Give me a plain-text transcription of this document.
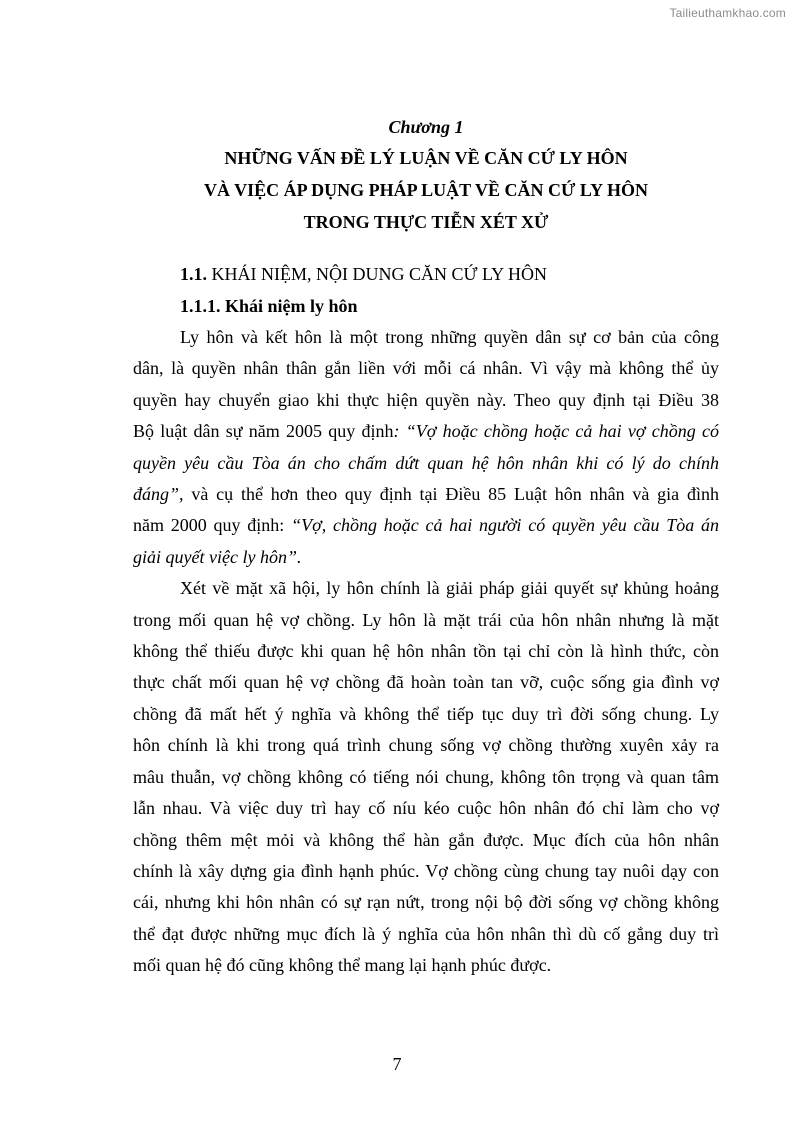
Tailieuthamkhao.com

Chương 1

NHỮNG VẤN ĐỀ LÝ LUẬN VỀ CĂN CỨ LY HÔN
VÀ VIỆC ÁP DỤNG PHÁP LUẬT VỀ CĂN CỨ LY HÔN
TRONG THỰC TIỄN XÉT XỬ

1.1. KHÁI NIỆM, NỘI DUNG CĂN CỨ LY HÔN

1.1.1. Khái niệm ly hôn

Ly hôn và kết hôn là một trong những quyền dân sự cơ bản của công
dân, là quyền nhân thân gắn liền với mỗi cá nhân. Vì vậy mà không thể ủy
quyền hay chuyển giao khi thực hiện quyền này. Theo quy định tại Điều 38
Bộ luật dân sự năm 2005 quy định: “Vợ hoặc chồng hoặc cả hai vợ chồng có
quyền yêu cầu Tòa án cho chấm dứt quan hệ hôn nhân khi có lý do chính
đáng”, và cụ thể hơn theo quy định tại Điều 85 Luật hôn nhân và gia đình
năm 2000 quy định: “Vợ, chồng hoặc cả hai người có quyền yêu cầu Tòa án
giải quyết việc ly hôn”.
Xét về mặt xã hội, ly hôn chính là giải pháp giải quyết sự khủng hoảng
trong mối quan hệ vợ chồng. Ly hôn là mặt trái của hôn nhân nhưng là mặt
không thể thiếu được khi quan hệ hôn nhân tồn tại chỉ còn là hình thức, còn
thực chất mối quan hệ vợ chồng đã hoàn toàn tan vỡ, cuộc sống gia đình vợ
chồng đã mất hết ý nghĩa và không thể tiếp tục duy trì đời sống chung. Ly
hôn chính là khi trong quá trình chung sống vợ chồng thường xuyên xảy ra
mâu thuẫn, vợ chồng không có tiếng nói chung, không tôn trọng và quan tâm
lẫn nhau. Và việc duy trì hay cố níu kéo cuộc hôn nhân đó chỉ làm cho vợ
chồng thêm mệt mỏi và không thể hàn gắn được. Mục đích của hôn nhân
chính là xây dựng gia đình hạnh phúc. Vợ chồng cùng chung tay nuôi dạy con
cái, nhưng khi hôn nhân có sự rạn nứt, trong nội bộ đời sống vợ chồng không
thể đạt được những mục đích là ý nghĩa của hôn nhân thì dù cố gắng duy trì
mối quan hệ đó cũng không thể mang lại hạnh phúc được.
7
